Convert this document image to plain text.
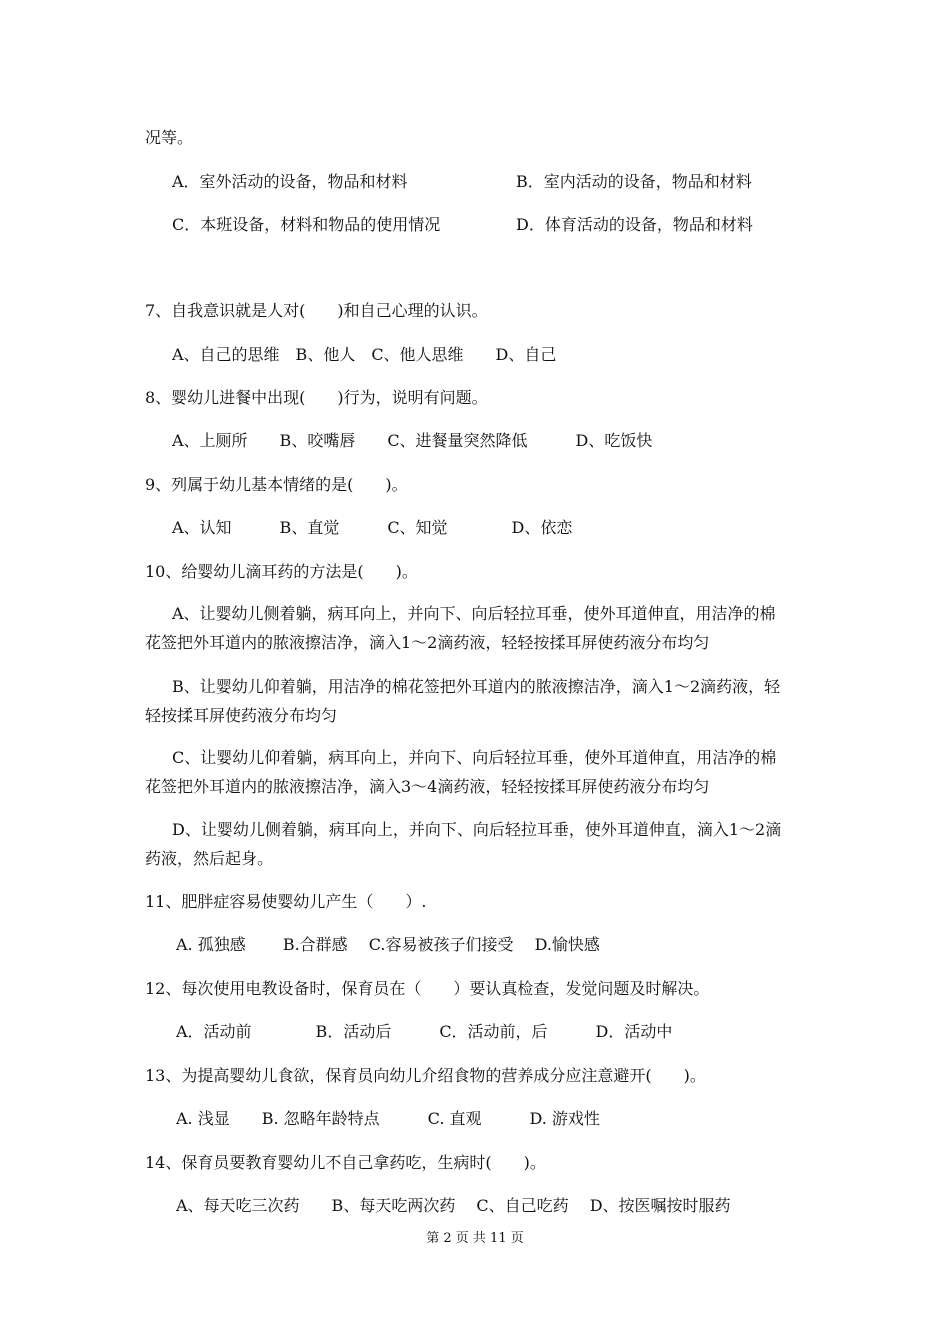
况等。
A．室外活动的设备，物品和材料	B．室内活动的设备，物品和材料
C．本班设备，材料和物品的使用情况	D．体育活动的设备，物品和材料
7、自我意识就是人对(　　)和自己心理的认识。
A、自己的思维　B、他人　C、他人思维　　D、自己
8、婴幼儿进餐中出现(　　)行为，说明有问题。
A、上厕所　　B、咬嘴唇　　C、进餐量突然降低　　　D、吃饭快
9、列属于幼儿基本情绪的是(　　)。
A、认知　　　B、直觉　　　C、知觉　　　　D、依恋
10、给婴幼儿滴耳药的方法是(　　)。
A、让婴幼儿侧着躺，病耳向上，并向下、向后轻拉耳垂，使外耳道伸直，用洁净的棉
花签把外耳道内的脓液擦洁净，滴入1～2滴药液，轻轻按揉耳屏使药液分布均匀
B、让婴幼儿仰着躺，用洁净的棉花签把外耳道内的脓液擦洁净，滴入1～2滴药液，轻
轻按揉耳屏使药液分布均匀
C、让婴幼儿仰着躺，病耳向上，并向下、向后轻拉耳垂，使外耳道伸直，用洁净的棉
花签把外耳道内的脓液擦洁净，滴入3～4滴药液，轻轻按揉耳屏使药液分布均匀
D、让婴幼儿侧着躺，病耳向上，并向下、向后轻拉耳垂，使外耳道伸直，滴入1～2滴
药液，然后起身。
11、肥胖症容易使婴幼儿产生（　　）.
A. 孤独感　　 B.合群感　 C.容易被孩子们接受　 D.愉快感
12、每次使用电教设备时，保育员在（　　）要认真检查，发觉问题及时解决。
A．活动前　　　　B．活动后　　　C．活动前，后　　　D．活动中
13、为提高婴幼儿食欲，保育员向幼儿介绍食物的营养成分应注意避开(　　)。
A. 浅显　　B. 忽略年龄特点　　　C. 直观　　　D. 游戏性
14、保育员要教育婴幼儿不自己拿药吃，生病时(　　)。
A、每天吃三次药　　B、每天吃两次药　 C、自己吃药　 D、按医嘱按时服药
第 2 页 共 11 页
